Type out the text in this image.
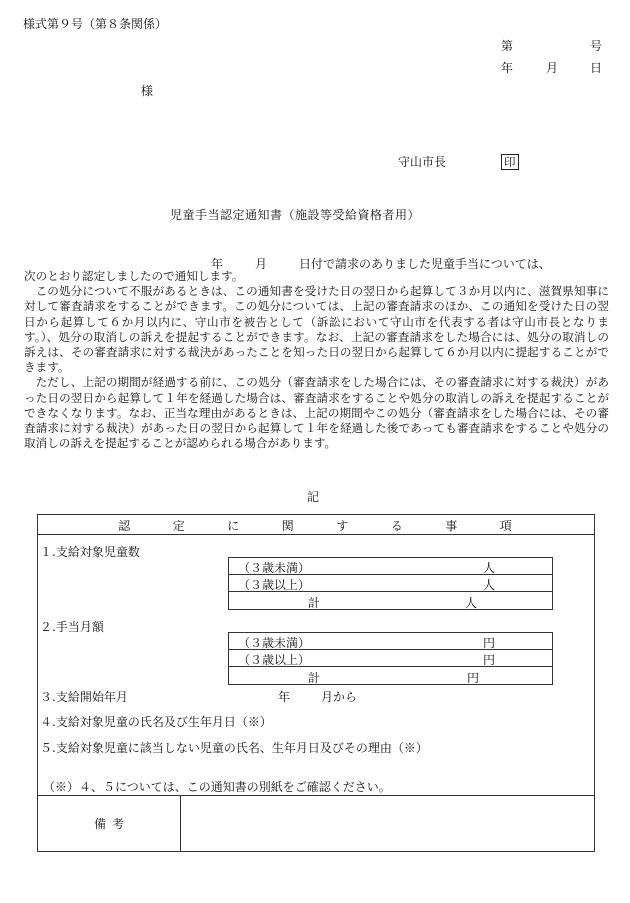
様式第９号（第８条関係）
第	号
年	月	日
様
守山市長	印
児童手当認定通知書（施設等受給資格者用）
年	月	日付で請求のありました児童手当については、

次のとおり認定しましたので通知します。

この処分について不服があるときは、この通知書を受けた日の翌日から起算して３か月以内に、滋賀県知事に対して審査請求をすることができます。この処分については、上記の審査請求のほか、この通知を受けた日の翌日から起算して６か月以内に、守山市を被告として（訴訟において守山市を代表する者は守山市長となります。）、処分の取消しの訴えを提起することができます。なお、上記の審査請求をした場合には、処分の取消しの訴えは、その審査請求に対する裁決があったことを知った日の翌日から起算して６か月以内に提起することができます。

ただし、上記の期間が経過する前に、この処分（審査請求をした場合には、その審査請求に対する裁決）があった日の翌日から起算して１年を経過した場合は、審査請求をすることや処分の取消しの訴えを提起することができなくなります。なお、正当な理由があるときは、上記の期間やこの処分（審査請求をした場合には、その審査請求に対する裁決）があった日の翌日から起算して１年を経過した後であっても審査請求をすることや処分の取消しの訴えを提起することが認められる場合があります。

記
認	定	に	関	す	る	事	項
１.支給対象児童数
（３歳未満）	人
（３歳以上）	人
計	人
２.手当月額
（３歳未満）	円
（３歳以上）	円
計	円
３.支給開始年月	年	月から
４.支給対象児童の氏名及び生年月日（※）
５.支給対象児童に該当しない児童の氏名、生年月日及びその理由（※）
（※）４、５については、この通知書の別紙をご確認ください。
備考
